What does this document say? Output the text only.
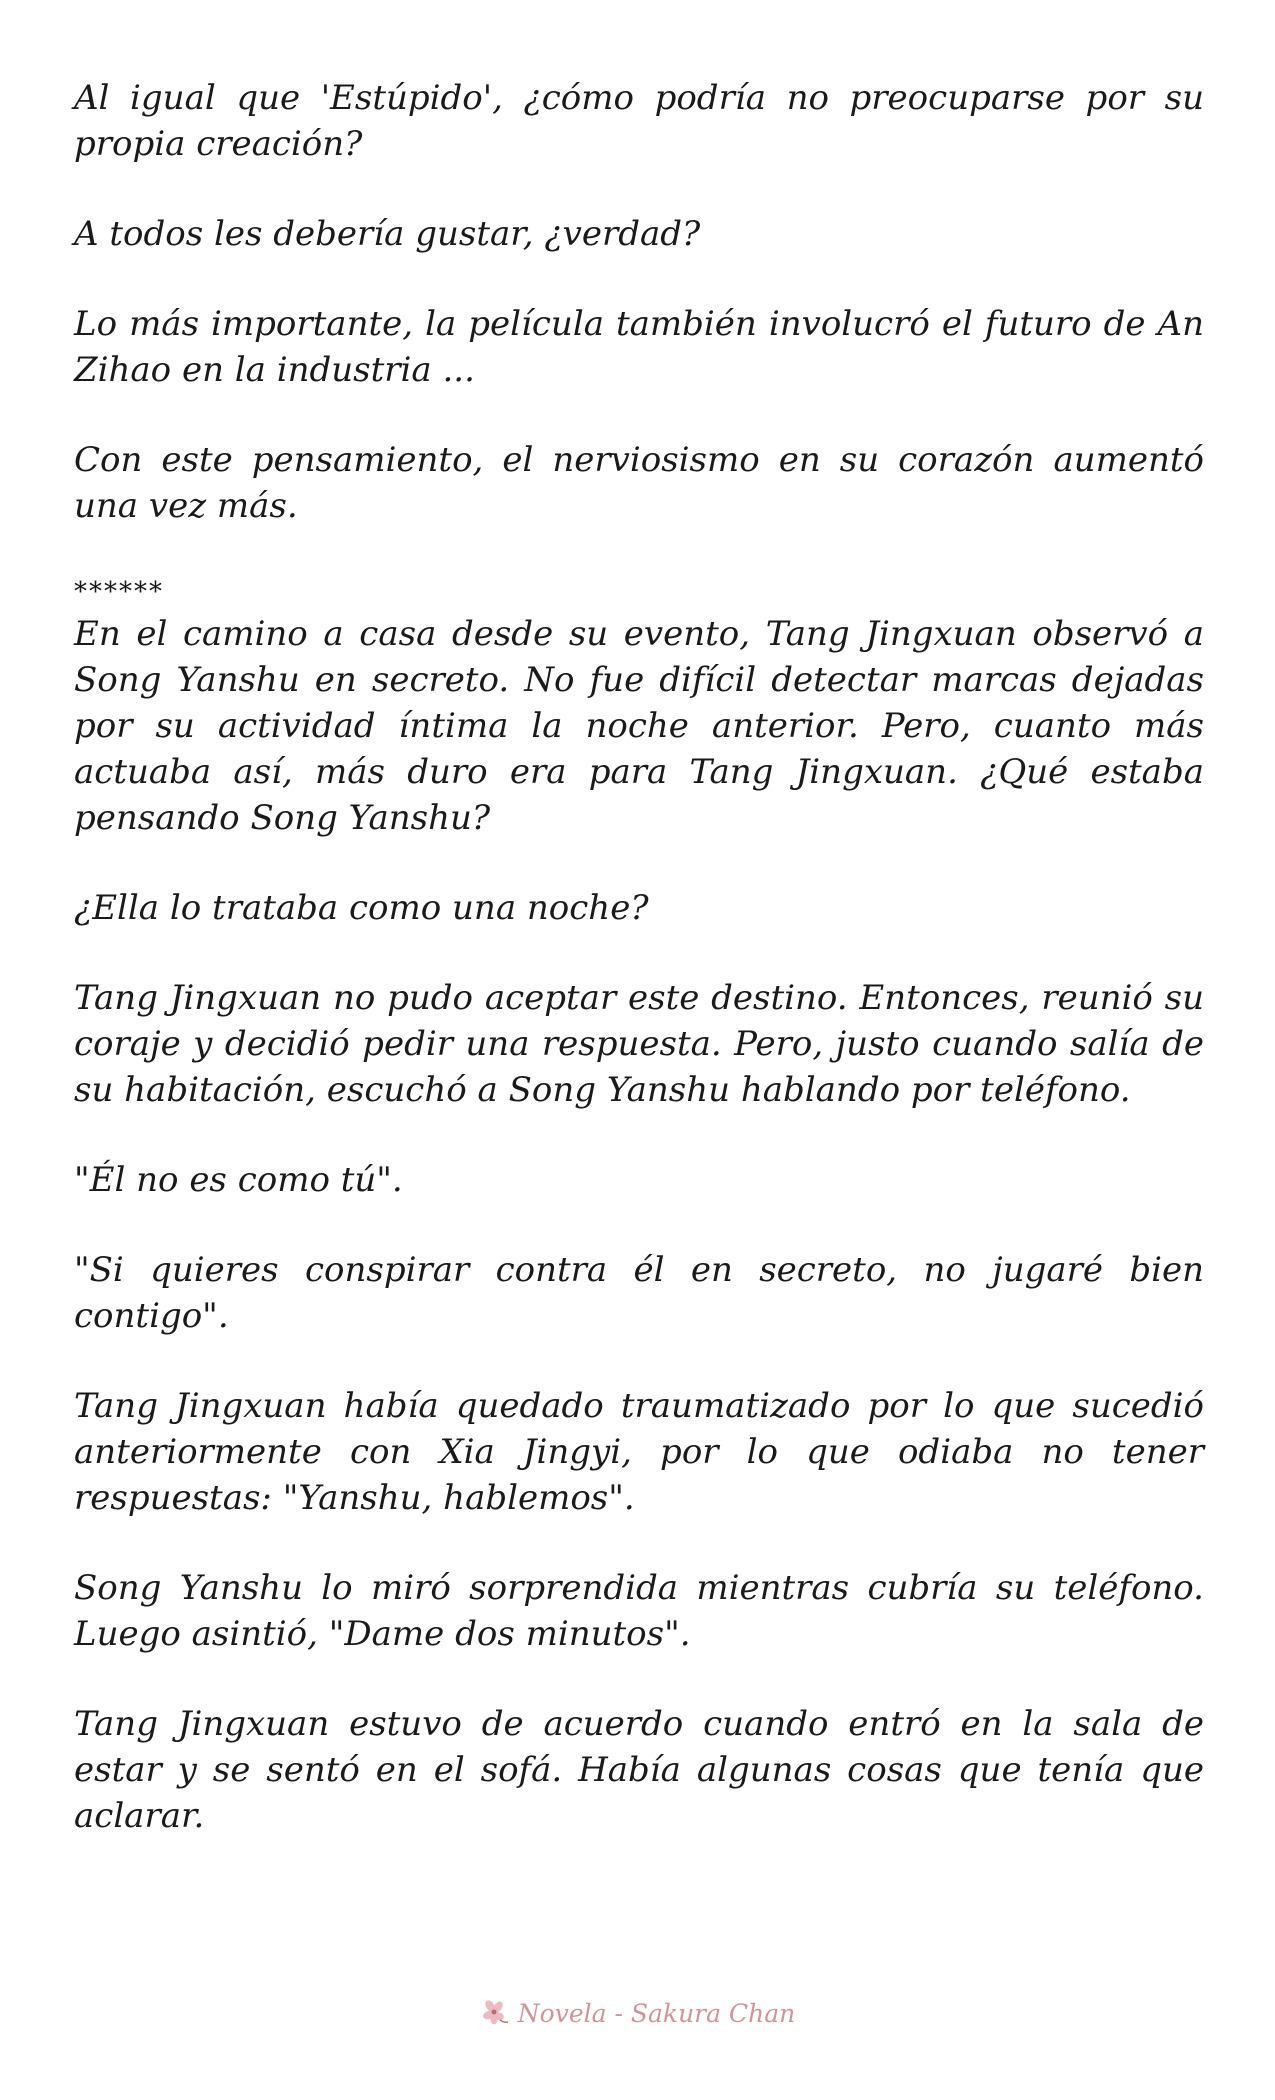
Al igual que 'Estúpido', ¿cómo podría no preocuparse por su propia creación?

A todos les debería gustar, ¿verdad?

Lo más importante, la película también involucró el futuro de An Zihao en la industria ...

Con este pensamiento, el nerviosismo en su corazón aumentó una vez más.

******

En el camino a casa desde su evento, Tang Jingxuan observó a Song Yanshu en secreto. No fue difícil detectar marcas dejadas por su actividad íntima la noche anterior. Pero, cuanto más actuaba así, más duro era para Tang Jingxuan. ¿Qué estaba pensando Song Yanshu?

¿Ella lo trataba como una noche?

Tang Jingxuan no pudo aceptar este destino. Entonces, reunió su coraje y decidió pedir una respuesta. Pero, justo cuando salía de su habitación, escuchó a Song Yanshu hablando por teléfono.

"Él no es como tú".

"Si quieres conspirar contra él en secreto, no jugaré bien contigo".

Tang Jingxuan había quedado traumatizado por lo que sucedió anteriormente con Xia Jingyi, por lo que odiaba no tener respuestas: "Yanshu, hablemos".

Song Yanshu lo miró sorprendida mientras cubría su teléfono. Luego asintió, "Dame dos minutos".

Tang Jingxuan estuvo de acuerdo cuando entró en la sala de estar y se sentó en el sofá. Había algunas cosas que tenía que aclarar.

Novela - Sakura Chan
